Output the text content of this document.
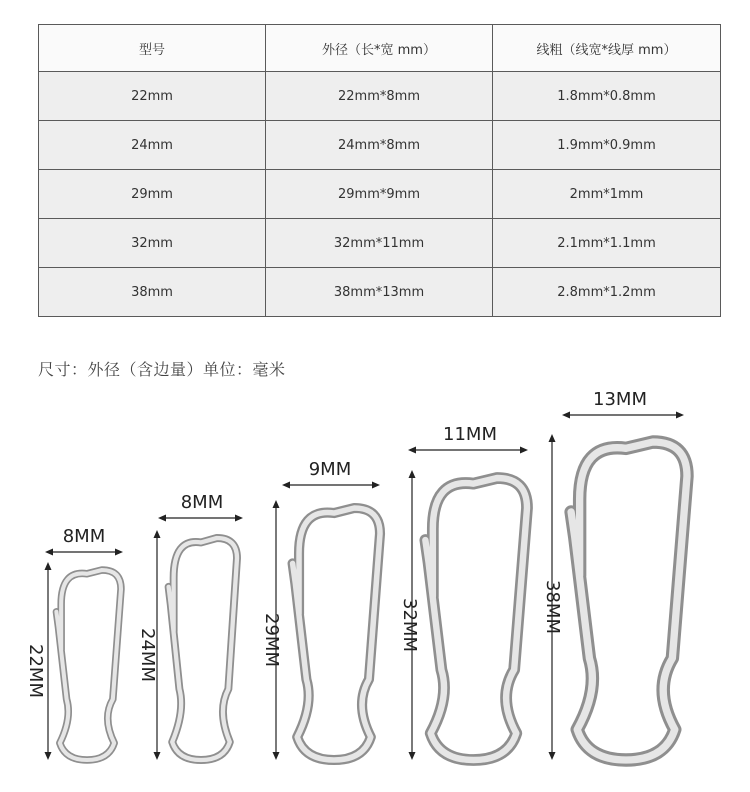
型号	外径（长*宽 mm）	线粗（线宽*线厚 mm）
22mm	22mm*8mm	1.8mm*0.8mm
24mm	24mm*8mm	1.9mm*0.9mm
29mm	29mm*9mm	2mm*1mm
32mm	32mm*11mm	2.1mm*1.1mm
38mm	38mm*13mm	2.8mm*1.2mm
尺寸：外径（含边量）单位：毫米
8MM
22MM
8MM
24MM
9MM
29MM
11MM
32MM
13MM
38MM
